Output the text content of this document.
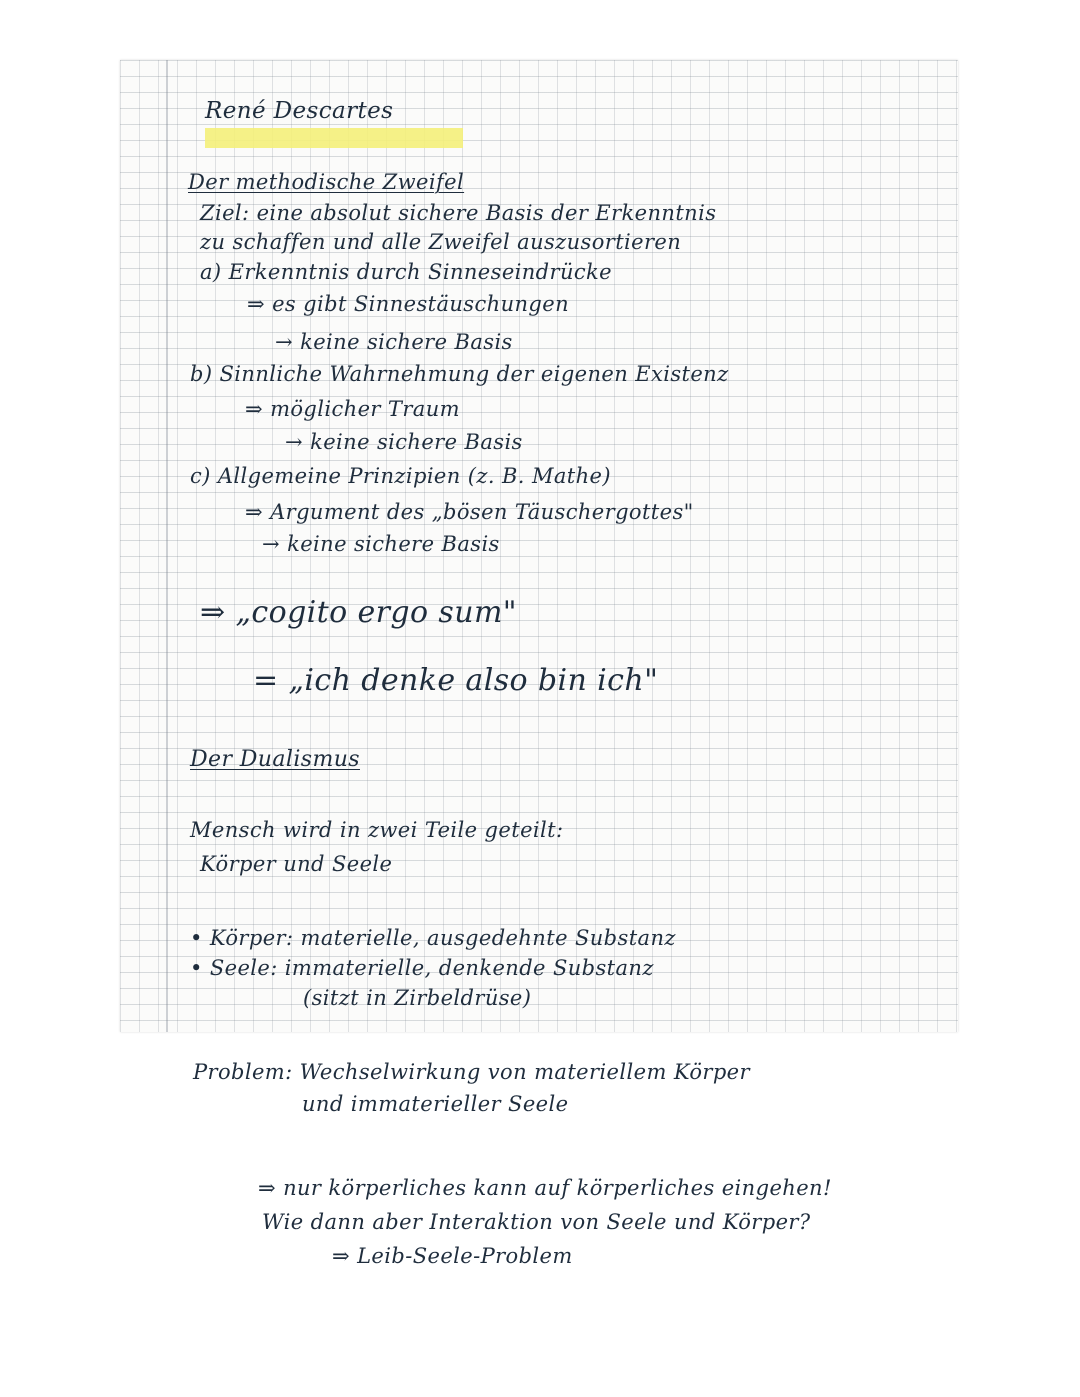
René Descartes
Der methodische Zweifel
Ziel: eine absolut sichere Basis der Erkenntnis
zu schaffen und alle Zweifel auszusortieren
a) Erkenntnis durch Sinneseindrücke
⇒ es gibt Sinnestäuschungen
→ keine sichere Basis
b) Sinnliche Wahrnehmung der eigenen Existenz
⇒ möglicher Traum
→ keine sichere Basis
c) Allgemeine Prinzipien (z. B. Mathe)
⇒ Argument des „bösen Täuschergottes"
→ keine sichere Basis
⇒ „cogito ergo sum"
= „ich denke also bin ich"
Der Dualismus
Mensch wird in zwei Teile geteilt:
Körper und Seele
• Körper: materielle, ausgedehnte Substanz
• Seele: immaterielle, denkende Substanz
(sitzt in Zirbeldrüse)
Problem: Wechselwirkung von materiellem Körper
und immaterieller Seele
⇒ nur körperliches kann auf körperliches eingehen!
Wie dann aber Interaktion von Seele und Körper?
⇒ Leib-Seele-Problem
